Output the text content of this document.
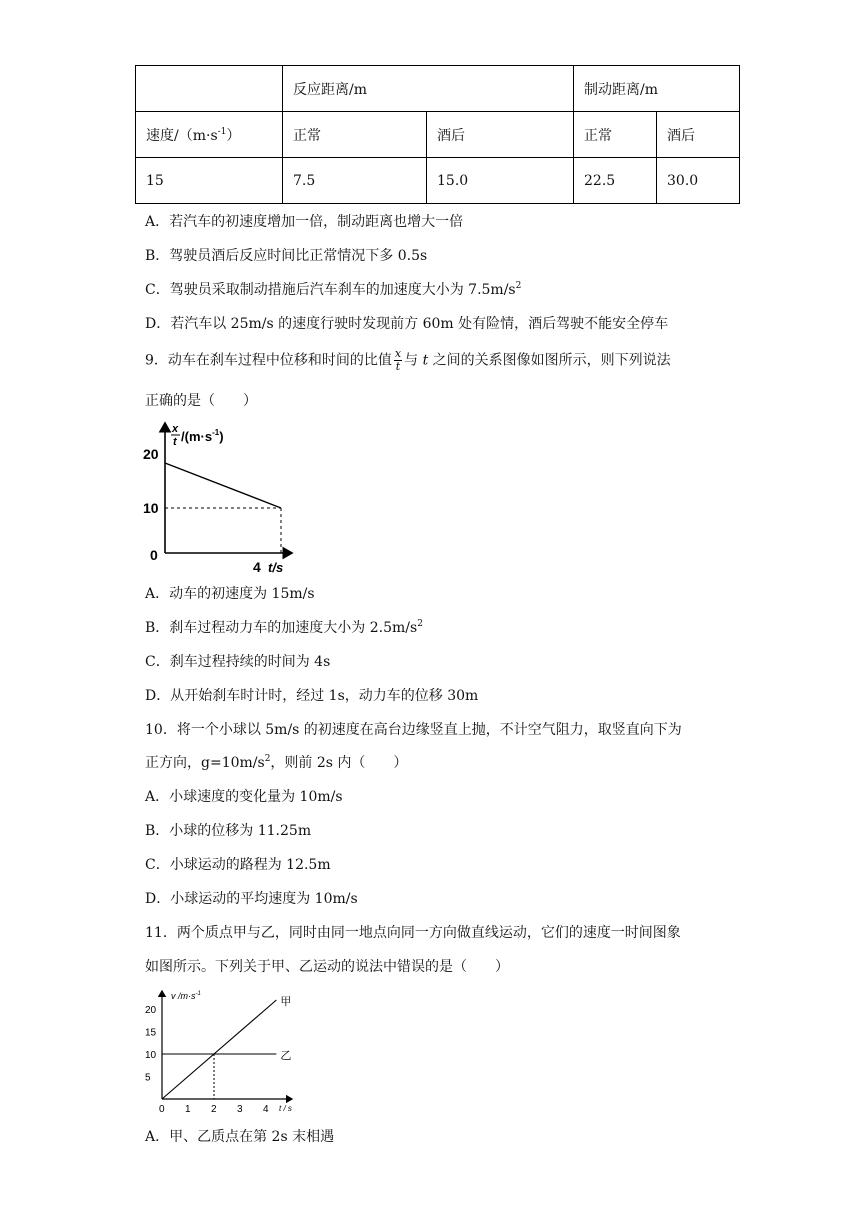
	反应距离/m		制动距离/m	
速度$/(m\cdot s^{-1})$	正常	酒后	正常	酒后
15	7.5	15.0	22.5	30.0
A．若汽车的初速度增加一倍，制动距离也增大一倍
B．驾驶员酒后反应时间比正常情况下多 0.5s
C．驾驶员采取制动措施后汽车刹车的加速度大小为 $7.5m/s^2$
D．若汽车以 25m/s 的速度行驶时发现前方 60m 处有险情，酒后驾驶不能安全停车
9．动车在刹车过程中位移和时间的比值 $\frac{x}{t}$ 与 t 之间的关系图像如图所示，则下列说法
正确的是（　　）
x
t $/(m\cdot s^{-1})$
t/s
20
10
0
4
A．动车的初速度为 15m/s
B．刹车过程动力车的加速度大小为 $2.5m/s^2$
C．刹车过程持续的时间为 4s
D．从开始刹车时计时，经过 1s，动力车的位移 30m
10．将一个小球以 5m/s 的初速度在高台边缘竖直上抛，不计空气阻力，取竖直向下为
正方向，$g=10m/s^2$，则前 2s 内（　　）
A．小球速度的变化量为 10m/s
B．小球的位移为 11.25m
C．小球运动的路程为 12.5m
D．小球运动的平均速度为 10m/s
11．两个质点甲与乙，同时由同一地点向同一方向做直线运动，它们的速度一时间图象
如图所示。下列关于甲、乙运动的说法中错误的是（　　）
v $/m\cdot s^{-1}$
t / s
20
15
10
5
0 1 2 3 4
甲
乙
A．甲、乙质点在第 2s 末相遇
